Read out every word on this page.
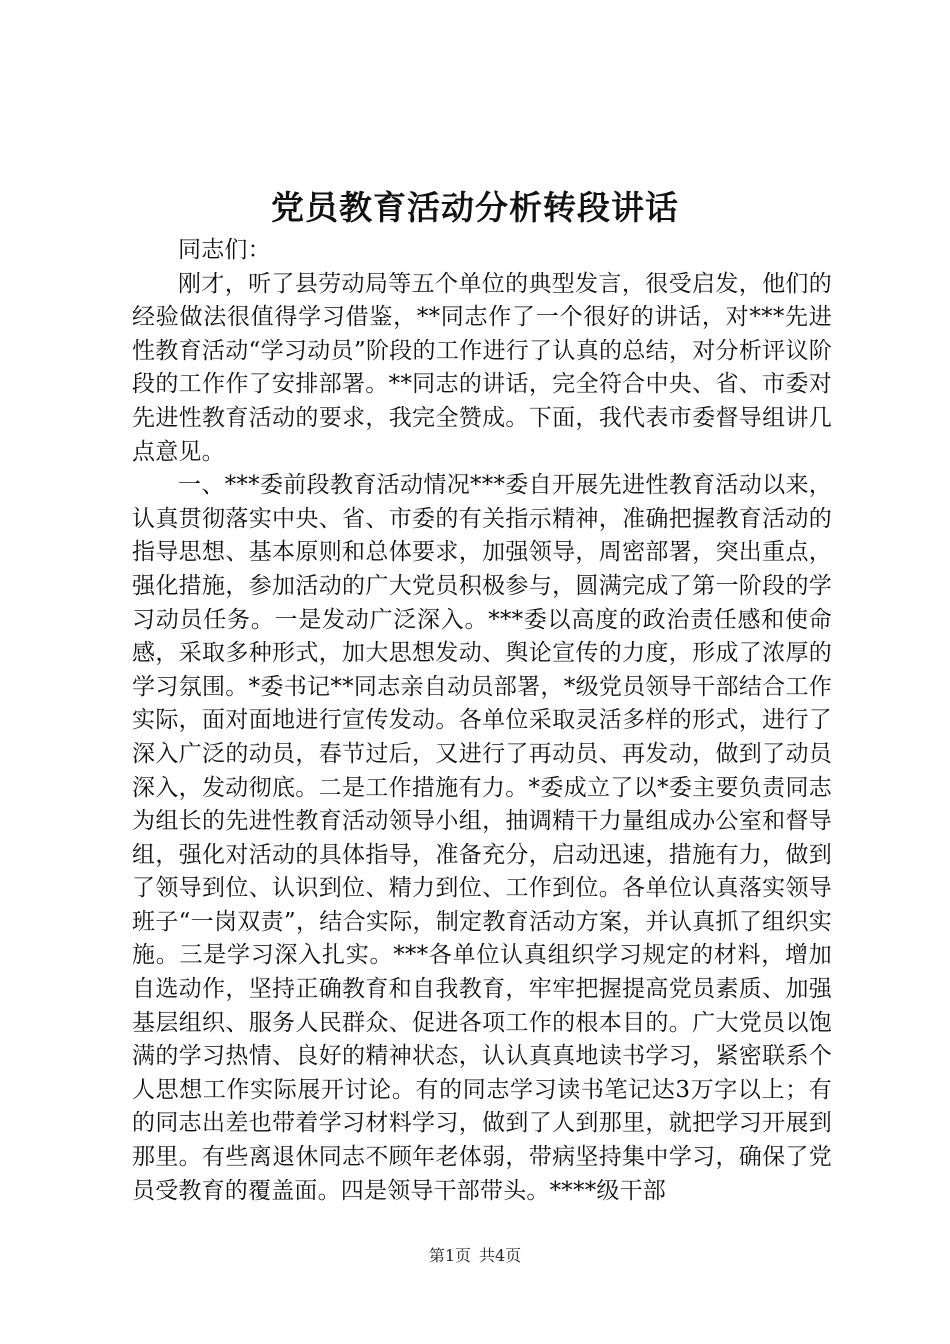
党员教育活动分析转段讲话

同志们：

刚才，听了县劳动局等五个单位的典型发言，很受启发，他们的经验做法很值得学习借鉴，**同志作了一个很好的讲话，对***先进性教育活动“学习动员”阶段的工作进行了认真的总结，对分析评议阶段的工作作了安排部署。**同志的讲话，完全符合中央、省、市委对先进性教育活动的要求，我完全赞成。下面，我代表市委督导组讲几点意见。

一、***委前段教育活动情况***委自开展先进性教育活动以来，认真贯彻落实中央、省、市委的有关指示精神，准确把握教育活动的指导思想、基本原则和总体要求，加强领导，周密部署，突出重点，强化措施，参加活动的广大党员积极参与，圆满完成了第一阶段的学习动员任务。一是发动广泛深入。***委以高度的政治责任感和使命感，采取多种形式，加大思想发动、舆论宣传的力度，形成了浓厚的学习氛围。*委书记**同志亲自动员部署，*级党员领导干部结合工作实际，面对面地进行宣传发动。各单位采取灵活多样的形式，进行了深入广泛的动员，春节过后，又进行了再动员、再发动，做到了动员深入，发动彻底。二是工作措施有力。*委成立了以*委主要负责同志为组长的先进性教育活动领导小组，抽调精干力量组成办公室和督导组，强化对活动的具体指导，准备充分，启动迅速，措施有力，做到了领导到位、认识到位、精力到位、工作到位。各单位认真落实领导班子“一岗双责”，结合实际，制定教育活动方案，并认真抓了组织实施。三是学习深入扎实。***各单位认真组织学习规定的材料，增加自选动作，坚持正确教育和自我教育，牢牢把握提高党员素质、加强基层组织、服务人民群众、促进各项工作的根本目的。广大党员以饱满的学习热情、良好的精神状态，认认真真地读书学习，紧密联系个人思想工作实际展开讨论。有的同志学习读书笔记达3万字以上；有的同志出差也带着学习材料学习，做到了人到那里，就把学习开展到那里。有些离退休同志不顾年老体弱，带病坚持集中学习，确保了党员受教育的覆盖面。四是领导干部带头。****级干部

第1页 共4页
